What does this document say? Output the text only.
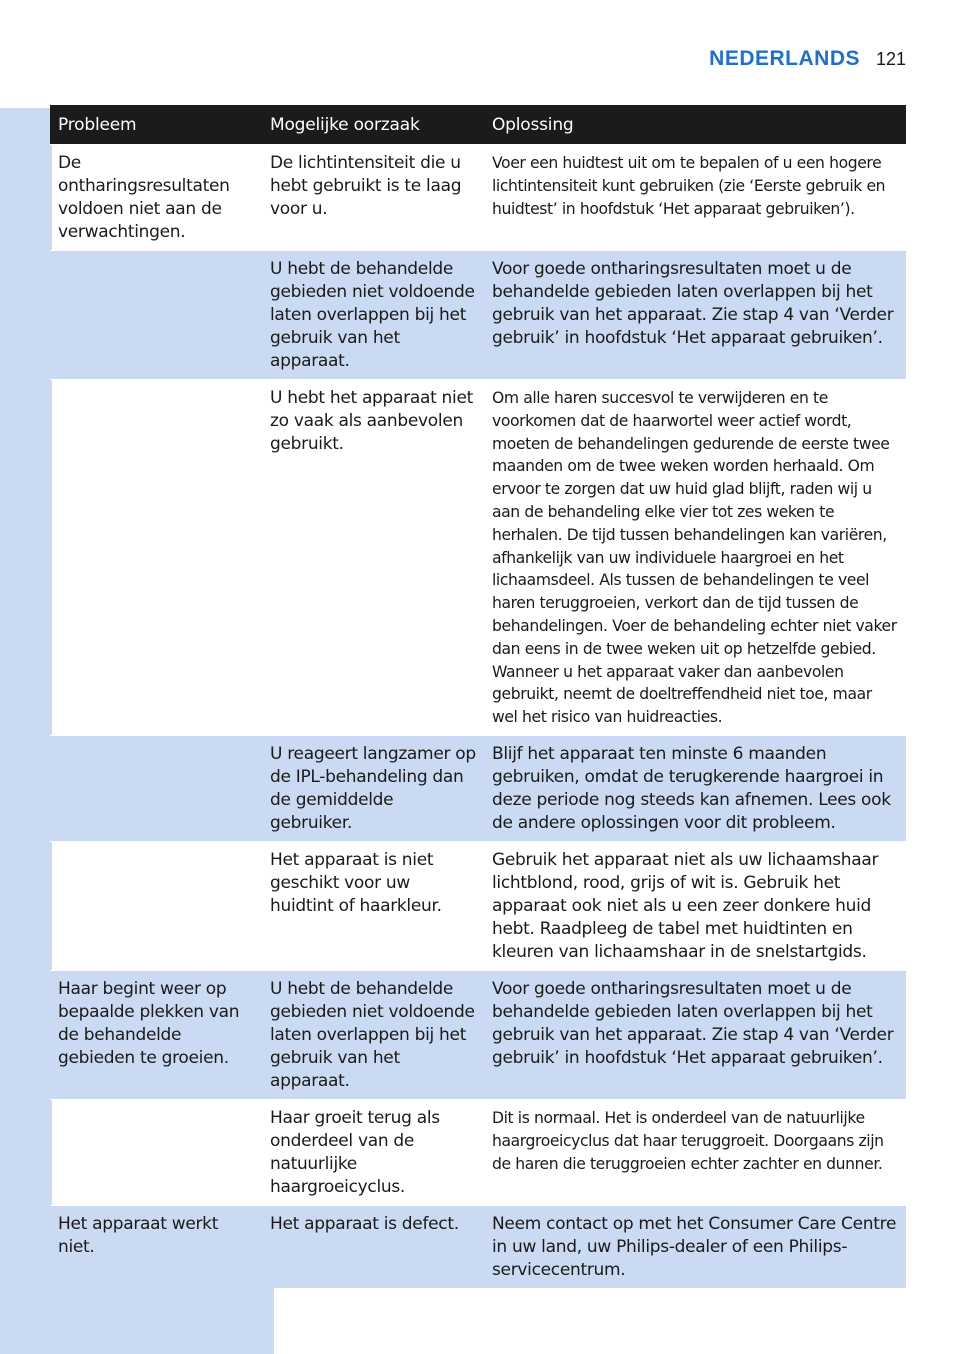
NEDERLANDS 121
Probleem	Mogelijke oorzaak	Oplossing
De ontharingsresultaten voldoen niet aan de verwachtingen.	De lichtintensiteit die u hebt gebruikt is te laag voor u.	Voer een huidtest uit om te bepalen of u een hogere lichtintensiteit kunt gebruiken (zie ‘Eerste gebruik en huidtest’ in hoofdstuk ‘Het apparaat gebruiken’).
	U hebt de behandelde gebieden niet voldoende laten overlappen bij het gebruik van het apparaat.	Voor goede ontharingsresultaten moet u de behandelde gebieden laten overlappen bij het gebruik van het apparaat. Zie stap 4 van ‘Verder gebruik’ in hoofdstuk ‘Het apparaat gebruiken’.
	U hebt het apparaat niet zo vaak als aanbevolen gebruikt.	Om alle haren succesvol te verwijderen en te voorkomen dat de haarwortel weer actief wordt, moeten de behandelingen gedurende de eerste twee maanden om de twee weken worden herhaald. Om ervoor te zorgen dat uw huid glad blijft, raden wij u aan de behandeling elke vier tot zes weken te herhalen. De tijd tussen behandelingen kan variëren, afhankelijk van uw individuele haargroei en het lichaamsdeel. Als tussen de behandelingen te veel haren teruggroeien, verkort dan de tijd tussen de behandelingen. Voer de behandeling echter niet vaker dan eens in de twee weken uit op hetzelfde gebied. Wanneer u het apparaat vaker dan aanbevolen gebruikt, neemt de doeltreffendheid niet toe, maar wel het risico van huidreacties.
	U reageert langzamer op de IPL-behandeling dan de gemiddelde gebruiker.	Blijf het apparaat ten minste 6 maanden gebruiken, omdat de terugkerende haargroei in deze periode nog steeds kan afnemen. Lees ook de andere oplossingen voor dit probleem.
	Het apparaat is niet geschikt voor uw huidtint of haarkleur.	Gebruik het apparaat niet als uw lichaamshaar lichtblond, rood, grijs of wit is. Gebruik het apparaat ook niet als u een zeer donkere huid hebt. Raadpleeg de tabel met huidtinten en kleuren van lichaamshaar in de snelstartgids.
Haar begint weer op bepaalde plekken van de behandelde gebieden te groeien.	U hebt de behandelde gebieden niet voldoende laten overlappen bij het gebruik van het apparaat.	Voor goede ontharingsresultaten moet u de behandelde gebieden laten overlappen bij het gebruik van het apparaat. Zie stap 4 van ‘Verder gebruik’ in hoofdstuk ‘Het apparaat gebruiken’.
	Haar groeit terug als onderdeel van de natuurlijke haargroeicyclus.	Dit is normaal. Het is onderdeel van de natuurlijke haargroeicyclus dat haar teruggroeit. Doorgaans zijn de haren die teruggroeien echter zachter en dunner.
Het apparaat werkt niet.	Het apparaat is defect.	Neem contact op met het Consumer Care Centre in uw land, uw Philips-dealer of een Philips-servicecentrum.
